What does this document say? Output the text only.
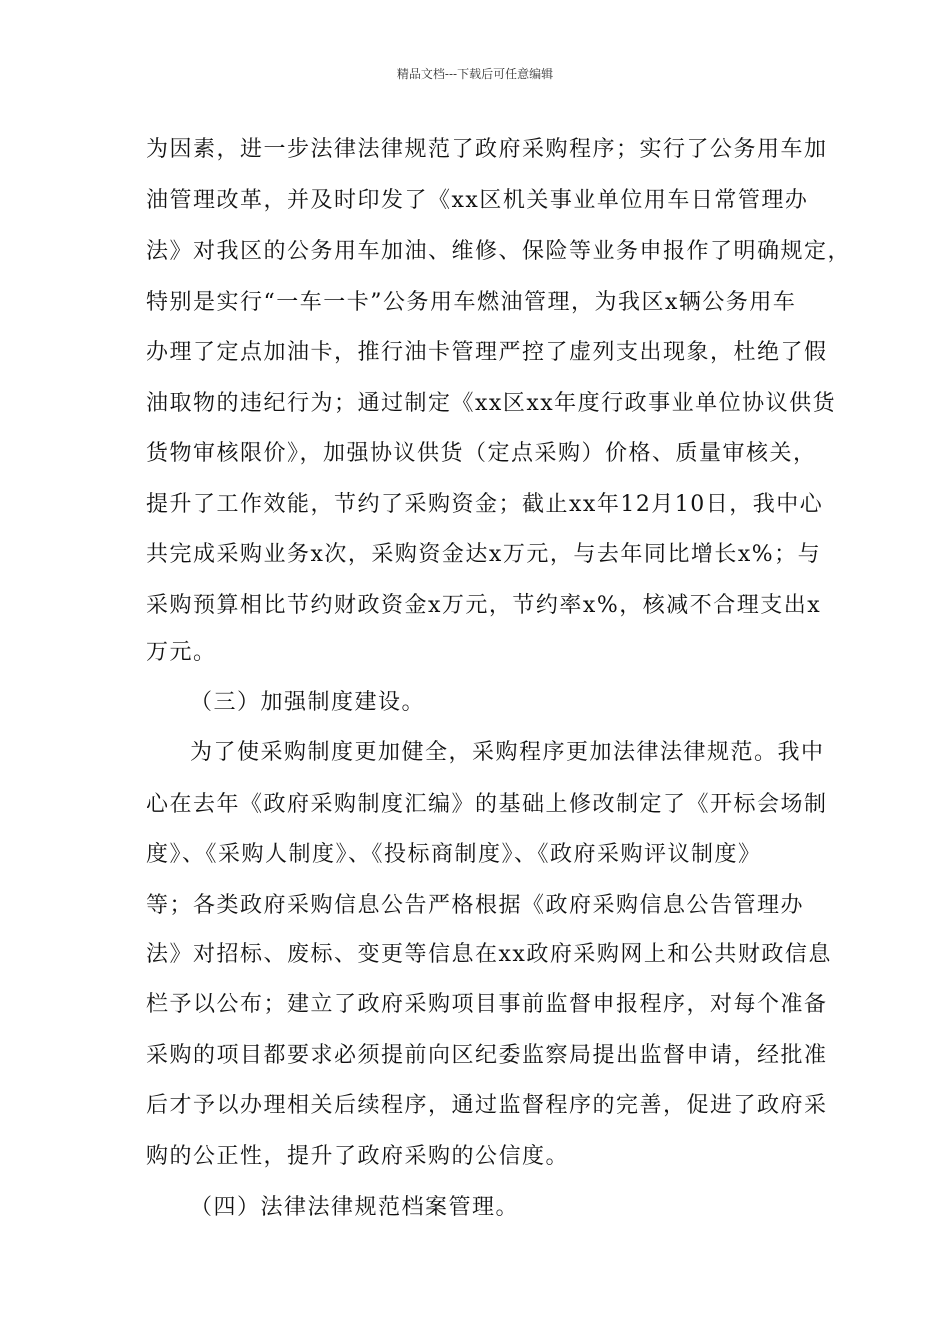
精品文档---下载后可任意编辑
为因素，进一步法律法律规范了政府采购程序；实行了公务用车加
油管理改革，并及时印发了《xx区机关事业单位用车日常管理办
法》对我区的公务用车加油、维修、保险等业务申报作了明确规定，
特别是实行“一车一卡”公务用车燃油管理，为我区x辆公务用车
办理了定点加油卡，推行油卡管理严控了虚列支出现象，杜绝了假
油取物的违纪行为；通过制定《xx区xx年度行政事业单位协议供货
货物审核限价》，加强协议供货（定点采购）价格、质量审核关，
提升了工作效能，节约了采购资金；截止xx年12月10日，我中心
共完成采购业务x次，采购资金达x万元，与去年同比增长x%；与
采购预算相比节约财政资金x万元，节约率x%，核减不合理支出x
万元。
（三）加强制度建设。
为了使采购制度更加健全，采购程序更加法律法律规范。我中
心在去年《政府采购制度汇编》的基础上修改制定了《开标会场制
度》、《采购人制度》、《投标商制度》、《政府采购评议制度》
等；各类政府采购信息公告严格根据《政府采购信息公告管理办
法》对招标、废标、变更等信息在xx政府采购网上和公共财政信息
栏予以公布；建立了政府采购项目事前监督申报程序，对每个准备
采购的项目都要求必须提前向区纪委监察局提出监督申请，经批准
后才予以办理相关后续程序，通过监督程序的完善，促进了政府采
购的公正性，提升了政府采购的公信度。
（四）法律法律规范档案管理。
